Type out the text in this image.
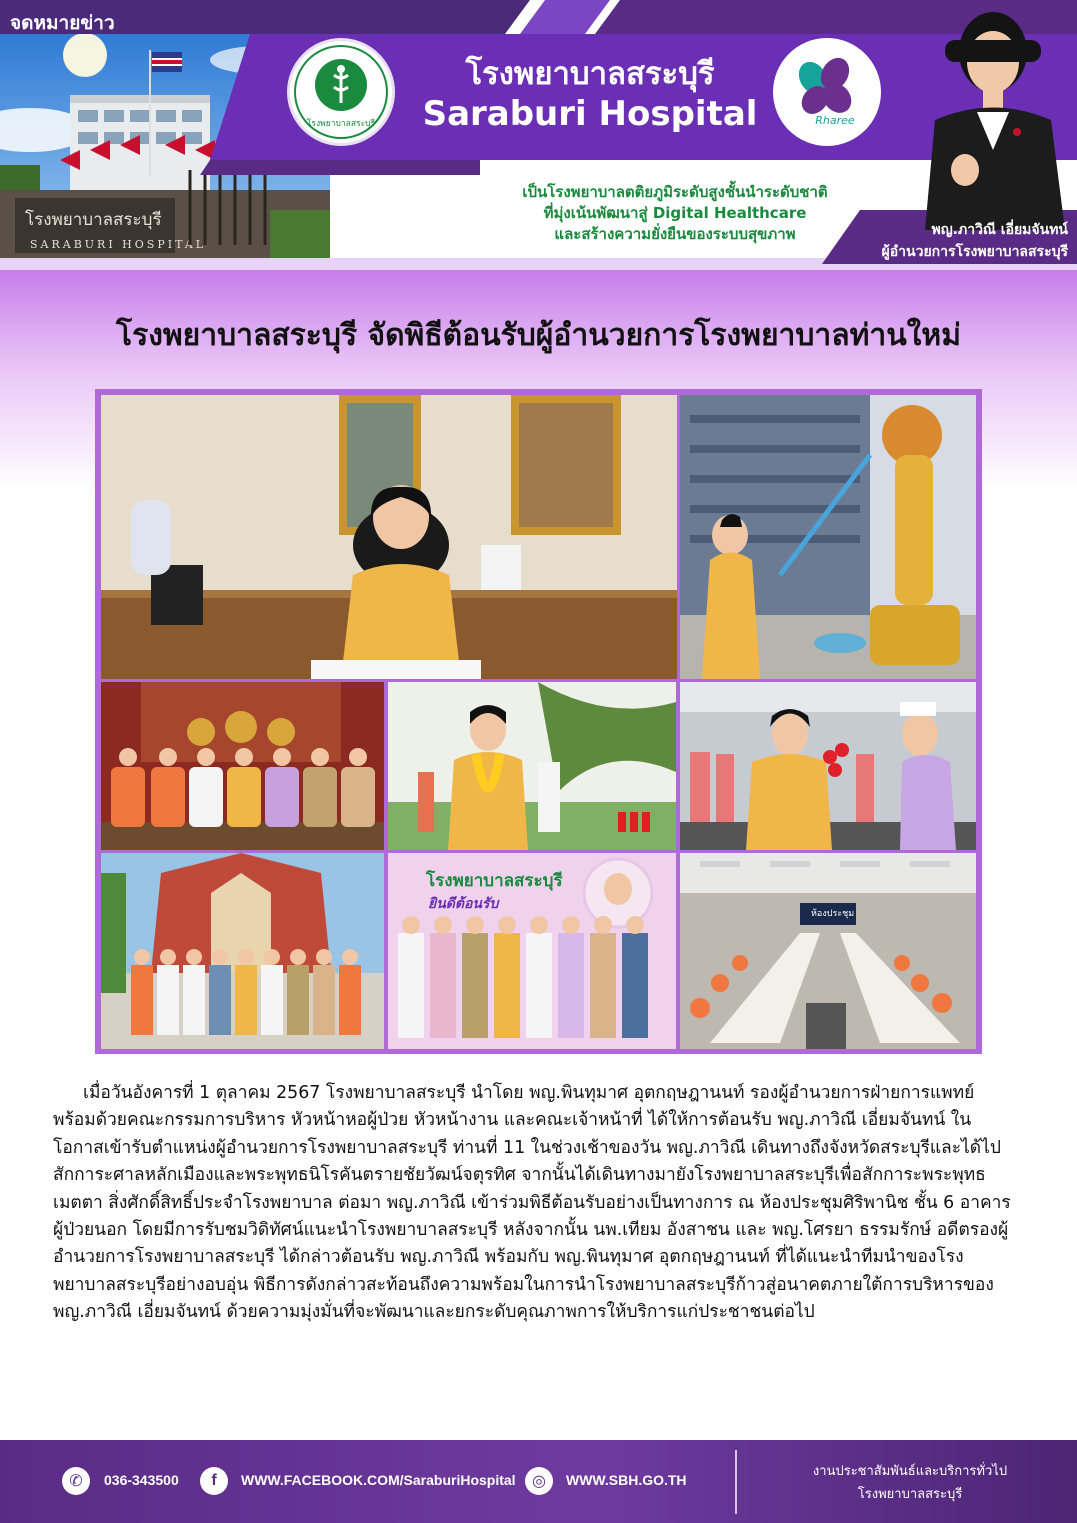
โรงพยาบาลสระบุรี
SARABURI HOSPITAL
จดหมายข่าว
โรงพยาบาลสระบุรี
โรงพยาบาลสระบุรี
Saraburi Hospital	Rharee
เป็นโรงพยาบาลตติยภูมิระดับสูงชั้นนำระดับชาติ
ที่มุ่งเน้นพัฒนาสู่ Digital Healthcare
และสร้างความยั่งยืนของระบบสุขภาพ	พญ.ภาวิณี เอี่ยมจันทน์
ผู้อำนวยการโรงพยาบาลสระบุรี
โรงพยาบาลสระบุรี จัดพิธีต้อนรับผู้อำนวยการโรงพยาบาลท่านใหม่
โรงพยาบาลสระบุรี
ยินดีต้อนรับ
ห้องประชุม

เมื่อวันอังคารที่ 1 ตุลาคม 2567 โรงพยาบาลสระบุรี นำโดย พญ.พินทุมาศ อุตกฤษฎานนท์ รองผู้อำนวยการฝ่ายการแพทย์ พร้อมด้วยคณะกรรมการบริหาร หัวหน้าหอผู้ป่วย หัวหน้างาน และคณะเจ้าหน้าที่ ได้ให้การต้อนรับ พญ.ภาวิณี เอี่ยมจันทน์ ในโอกาสเข้ารับตำแหน่งผู้อำนวยการโรงพยาบาลสระบุรี ท่านที่ 11 ในช่วงเช้าของวัน พญ.ภาวิณี เดินทางถึงจังหวัดสระบุรีและได้ไปสักการะศาลหลักเมืองและพระพุทธนิโรคันตรายชัยวัฒน์จตุรทิศ จากนั้นได้เดินทางมายังโรงพยาบาลสระบุรีเพื่อสักการะพระพุทธเมตตา สิ่งศักดิ์สิทธิ์ประจำโรงพยาบาล ต่อมา พญ.ภาวิณี เข้าร่วมพิธีต้อนรับอย่างเป็นทางการ ณ ห้องประชุมศิริพานิช ชั้น 6 อาคารผู้ป่วยนอก โดยมีการรับชมวิดิทัศน์แนะนำโรงพยาบาลสระบุรี หลังจากนั้น นพ.เทียม อังสาชน และ พญ.โศรยา ธรรมรักษ์ อดีตรองผู้อำนวยการโรงพยาบาลสระบุรี ได้กล่าวต้อนรับ พญ.ภาวิณี พร้อมกับ พญ.พินทุมาศ อุตกฤษฎานนท์ ที่ได้แนะนำทีมนำของโรงพยาบาลสระบุรีอย่างอบอุ่น พิธีการดังกล่าวสะท้อนถึงความพร้อมในการนำโรงพยาบาลสระบุรีก้าวสู่อนาคตภายใต้การบริหารของ พญ.ภาวิณี เอี่ยมจันทน์ ด้วยความมุ่งมั่นที่จะพัฒนาและยกระดับคุณภาพการให้บริการแก่ประชาชนต่อไป

✆	036-343500	f	WWW.FACEBOOK.COM/SaraburiHospital	◎	WWW.SBH.GO.TH
งานประชาสัมพันธ์และบริการทั่วไป
โรงพยาบาลสระบุรี
